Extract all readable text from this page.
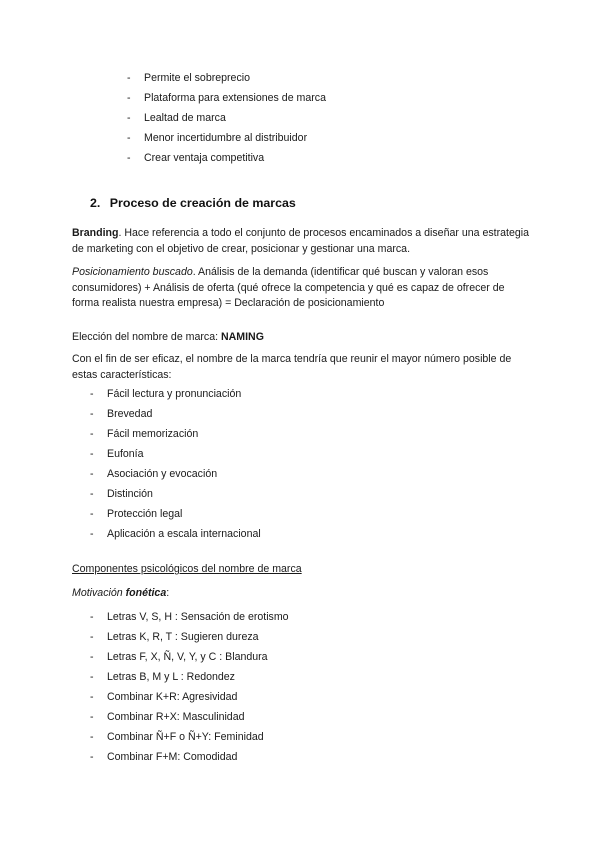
- Permite el sobreprecio
- Plataforma para extensiones de marca
- Lealtad de marca
- Menor incertidumbre al distribuidor
- Crear ventaja competitiva
2. Proceso de creación de marcas
Branding. Hace referencia a todo el conjunto de procesos encaminados a diseñar una estrategia de marketing con el objetivo de crear, posicionar y gestionar una marca.
Posicionamiento buscado. Análisis de la demanda (identificar qué buscan y valoran esos consumidores) + Análisis de oferta (qué ofrece la competencia y qué es capaz de ofrecer de forma realista nuestra empresa) = Declaración de posicionamiento
Elección del nombre de marca: NAMING
Con el fin de ser eficaz, el nombre de la marca tendría que reunir el mayor número posible de estas características:
- Fácil lectura y pronunciación
- Brevedad
- Fácil memorización
- Eufonía
- Asociación y evocación
- Distinción
- Protección legal
- Aplicación a escala internacional
Componentes psicológicos del nombre de marca
Motivación fonética:
- Letras V, S, H : Sensación de erotismo
- Letras K, R, T : Sugieren dureza
- Letras F, X, Ñ, V, Y, y C : Blandura
- Letras B, M y L : Redondez
- Combinar K+R: Agresividad
- Combinar R+X: Masculinidad
- Combinar Ñ+F o Ñ+Y: Feminidad
- Combinar F+M: Comodidad
